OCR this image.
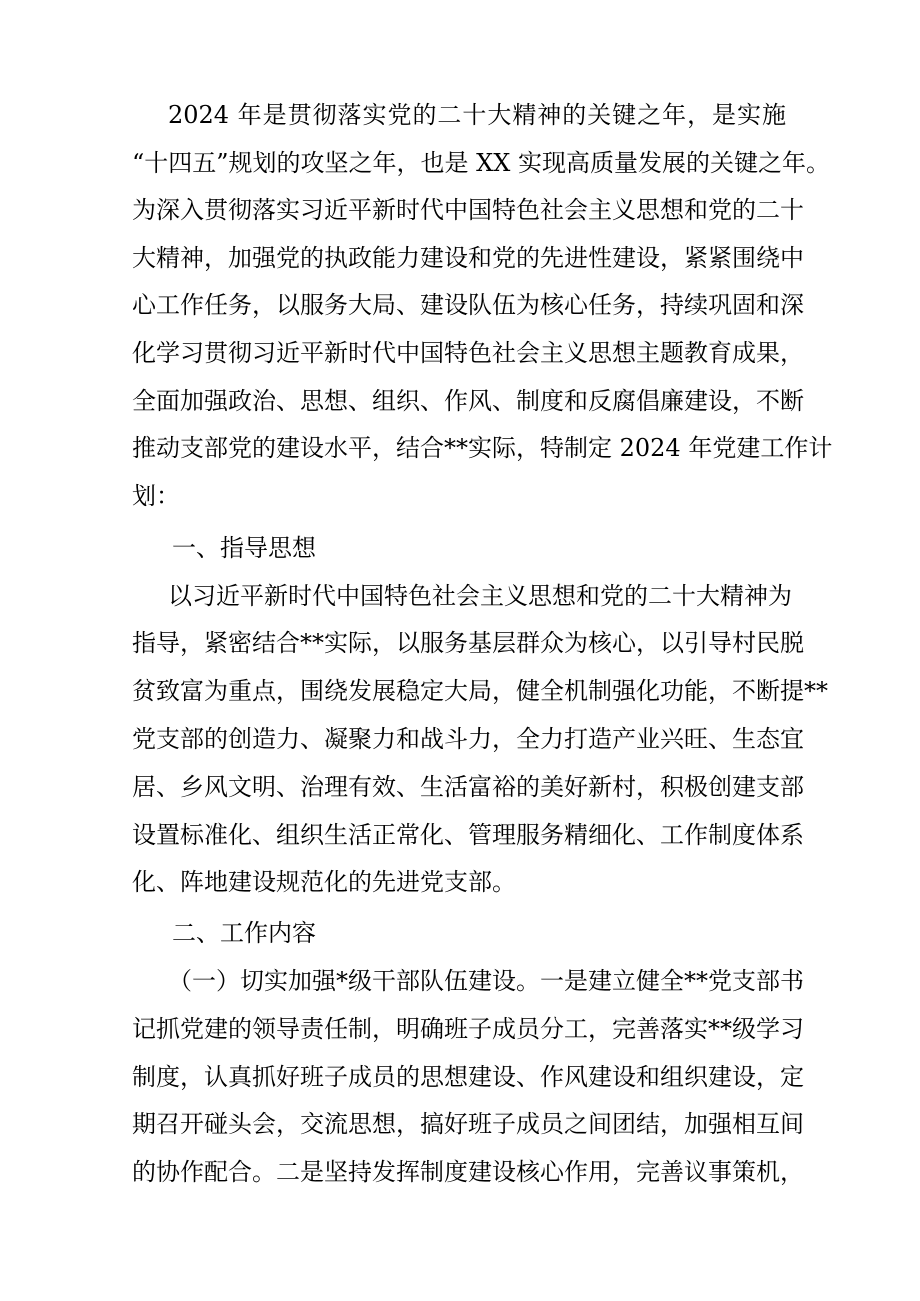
2024 年是贯彻落实党的二十大精神的关键之年，是实施
“十四五”规划的攻坚之年，也是 XX 实现高质量发展的关键之年。
为深入贯彻落实习近平新时代中国特色社会主义思想和党的二十
大精神，加强党的执政能力建设和党的先进性建设，紧紧围绕中
心工作任务，以服务大局、建设队伍为核心任务，持续巩固和深
化学习贯彻习近平新时代中国特色社会主义思想主题教育成果，
全面加强政治、思想、组织、作风、制度和反腐倡廉建设，不断
推动支部党的建设水平，结合**实际，特制定 2024 年党建工作计
划：
一、指导思想
以习近平新时代中国特色社会主义思想和党的二十大精神为
指导，紧密结合**实际，以服务基层群众为核心，以引导村民脱
贫致富为重点，围绕发展稳定大局，健全机制强化功能，不断提**
党支部的创造力、凝聚力和战斗力，全力打造产业兴旺、生态宜
居、乡风文明、治理有效、生活富裕的美好新村，积极创建支部
设置标准化、组织生活正常化、管理服务精细化、工作制度体系
化、阵地建设规范化的先进党支部。
二、工作内容
（一）切实加强*级干部队伍建设。一是建立健全**党支部书
记抓党建的领导责任制，明确班子成员分工，完善落实**级学习
制度，认真抓好班子成员的思想建设、作风建设和组织建设，定
期召开碰头会，交流思想，搞好班子成员之间团结，加强相互间
的协作配合。二是坚持发挥制度建设核心作用，完善议事策机，
